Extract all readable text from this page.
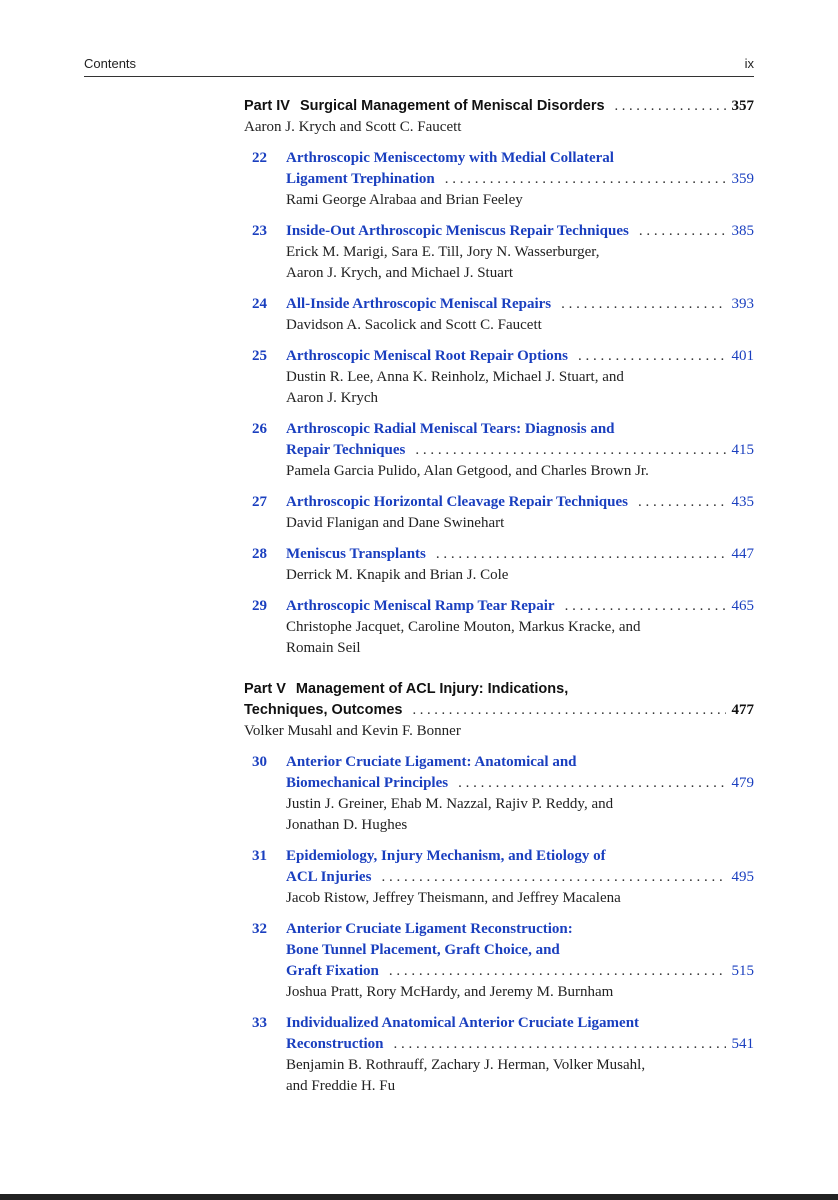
Contents	ix
Part IV Surgical Management of Meniscal Disorders . . .	357
Aaron J. Krych and Scott C. Faucett
22 Arthroscopic Meniscectomy with Medial Collateral
Ligament Trephination . . .	359
Rami George Alrabaa and Brian Feeley
23 Inside-Out Arthroscopic Meniscus Repair Techniques . . .	385
Erick M. Marigi, Sara E. Till, Jory N. Wasserburger,
Aaron J. Krych, and Michael J. Stuart
24 All-Inside Arthroscopic Meniscal Repairs . . .	393
Davidson A. Sacolick and Scott C. Faucett
25 Arthroscopic Meniscal Root Repair Options . . .	401
Dustin R. Lee, Anna K. Reinholz, Michael J. Stuart, and
Aaron J. Krych
26 Arthroscopic Radial Meniscal Tears: Diagnosis and
Repair Techniques . . .	415
Pamela Garcia Pulido, Alan Getgood, and Charles Brown Jr.
27 Arthroscopic Horizontal Cleavage Repair Techniques . . .	435
David Flanigan and Dane Swinehart
28 Meniscus Transplants . . .	447
Derrick M. Knapik and Brian J. Cole
29 Arthroscopic Meniscal Ramp Tear Repair . . .	465
Christophe Jacquet, Caroline Mouton, Markus Kracke, and
Romain Seil
Part V Management of ACL Injury: Indications,
Techniques, Outcomes . . .	477
Volker Musahl and Kevin F. Bonner
30 Anterior Cruciate Ligament: Anatomical and
Biomechanical Principles . . .	479
Justin J. Greiner, Ehab M. Nazzal, Rajiv P. Reddy, and
Jonathan D. Hughes
31 Epidemiology, Injury Mechanism, and Etiology of
ACL Injuries . . .	495
Jacob Ristow, Jeffrey Theismann, and Jeffrey Macalena
32 Anterior Cruciate Ligament Reconstruction:
Bone Tunnel Placement, Graft Choice, and
Graft Fixation . . .	515
Joshua Pratt, Rory McHardy, and Jeremy M. Burnham
33 Individualized Anatomical Anterior Cruciate Ligament
Reconstruction . . .	541
Benjamin B. Rothrauff, Zachary J. Herman, Volker Musahl,
and Freddie H. Fu
